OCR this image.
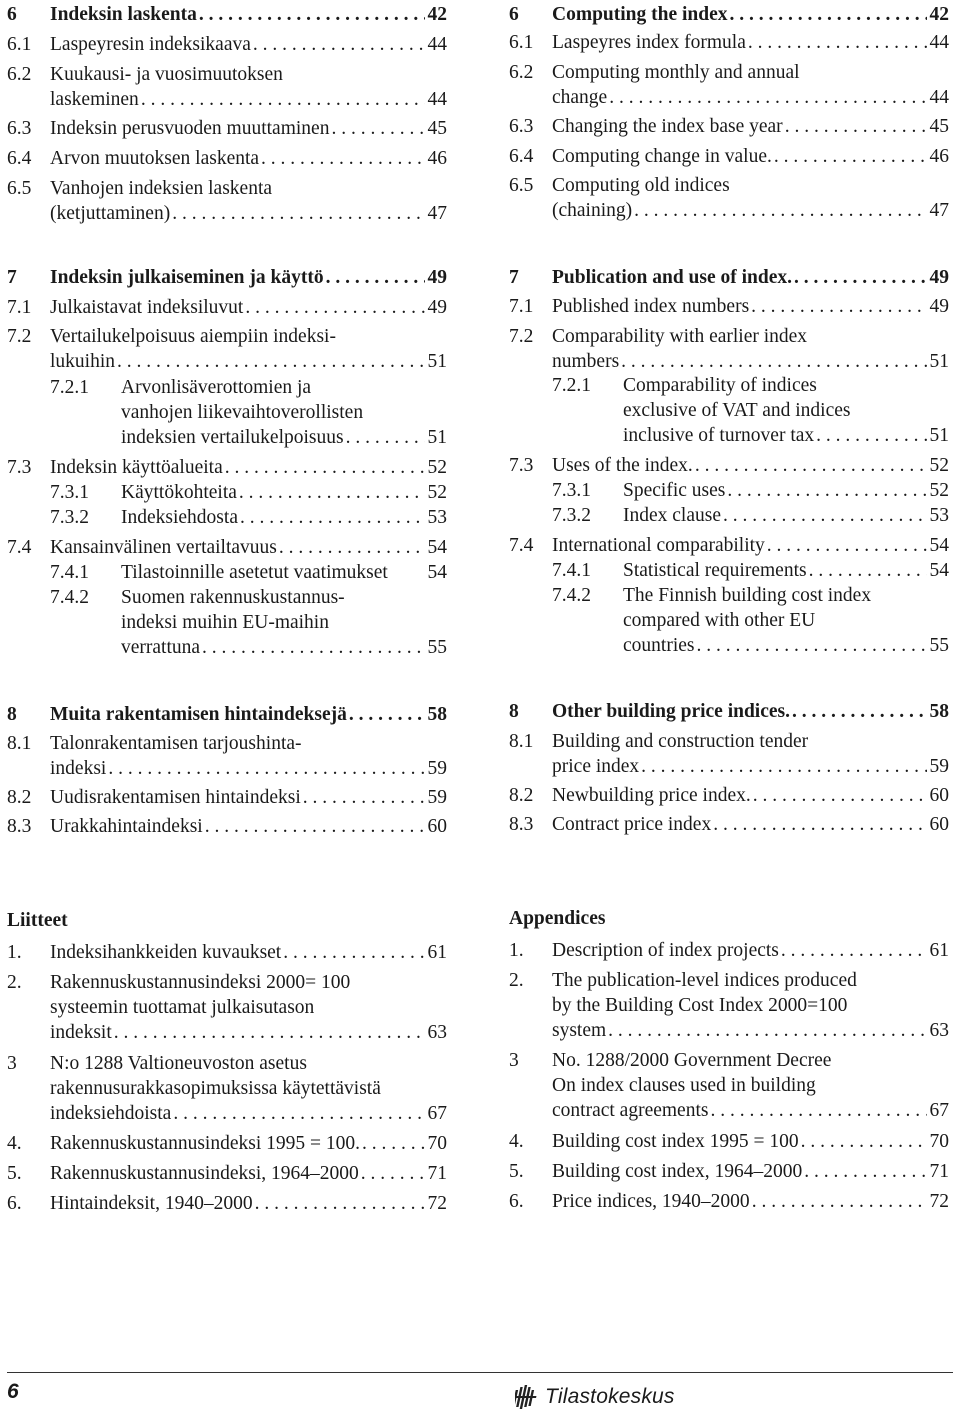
Liitteet
6 Indeksin laskenta . . .	42
6.1 Laspeyresin indeksikaava . . .	44
6.2 Kuukausi- ja vuosimuutoksen
laskeminen . . .	44
6.3 Indeksin perusvuoden muuttaminen . . .	45
6.4 Arvon muutoksen laskenta . . .	46
6.5 Vanhojen indeksien laskenta
(ketjuttaminen) . . .	47
7 Indeksin julkaiseminen ja käyttö . . .	49
7.1 Julkaistavat indeksiluvut . . .	49
7.2 Vertailukelpoisuus aiempiin indeksi-
lukuihin . . .	51
7.2.1 Arvonlisäverottomien ja
vanhojen liikevaihtoverollisten
indeksien vertailukelpoisuus . . .	51
7.3 Indeksin käyttöalueita . . .	52
7.3.1 Käyttökohteita . . .	52
7.3.2 Indeksiehdosta . . .	53
7.4 Kansainvälinen vertailtavuus . . .	54
7.4.1 Tilastoinnille asetetut vaatimukset 54
7.4.2 Suomen rakennuskustannus-
indeksi muihin EU-maihin
verrattuna . . .	55
8 Muita rakentamisen hintaindeksejä . . .	58
8.1 Talonrakentamisen tarjoushinta-
indeksi . . .	59
8.2 Uudisrakentamisen hintaindeksi . . .	59
8.3 Urakkahintaindeksi . . .	60
1. Indeksihankkeiden kuvaukset . . .	61
2. Rakennuskustannusindeksi 2000= 100
systeemin tuottamat julkaisutason
indeksit . . .	63
3 N:o 1288 Valtioneuvoston asetus
rakennusurakkasopimuksissa käytettävistä
indeksiehdoista . . .	67
4. Rakennuskustannusindeksi 1995 = 100. . . .	70
5. Rakennuskustannusindeksi, 1964–2000 . . .	71
6. Hintaindeksit, 1940–2000 . . .	72
Appendices
6 Computing the index . . .	42
6.1 Laspeyres index formula . . .	44
6.2 Computing monthly and annual
change . . .	44
6.3 Changing the index base year . . .	45
6.4 Computing change in value. . . .	46
6.5 Computing old indices
(chaining) . . .	47
7 Publication and use of index. . . .	49
7.1 Published index numbers . . .	49
7.2 Comparability with earlier index
numbers . . .	51
7.2.1 Comparability of indices
exclusive of VAT and indices
inclusive of turnover tax . . .	51
7.3 Uses of the index. . . .	52
7.3.1 Specific uses . . .	52
7.3.2 Index clause . . .	53
7.4 International comparability . . .	54
7.4.1 Statistical requirements . . .	54
7.4.2 The Finnish building cost index
compared with other EU
countries . . .	55
8 Other building price indices. . . .	58
8.1 Building and construction tender
price index . . .	59
8.2 Newbuilding price index. . . .	60
8.3 Contract price index . . .	60
1. Description of index projects . . .	61
2. The publication-level indices produced
by the Building Cost Index 2000=100
system . . .	63
3 No. 1288/2000 Government Decree
On index clauses used in building
contract agreements . . .	67
4. Building cost index 1995 = 100 . . .	70
5. Building cost index, 1964–2000 . . .	71
6. Price indices, 1940–2000 . . .	72
6	Tilastokeskus
